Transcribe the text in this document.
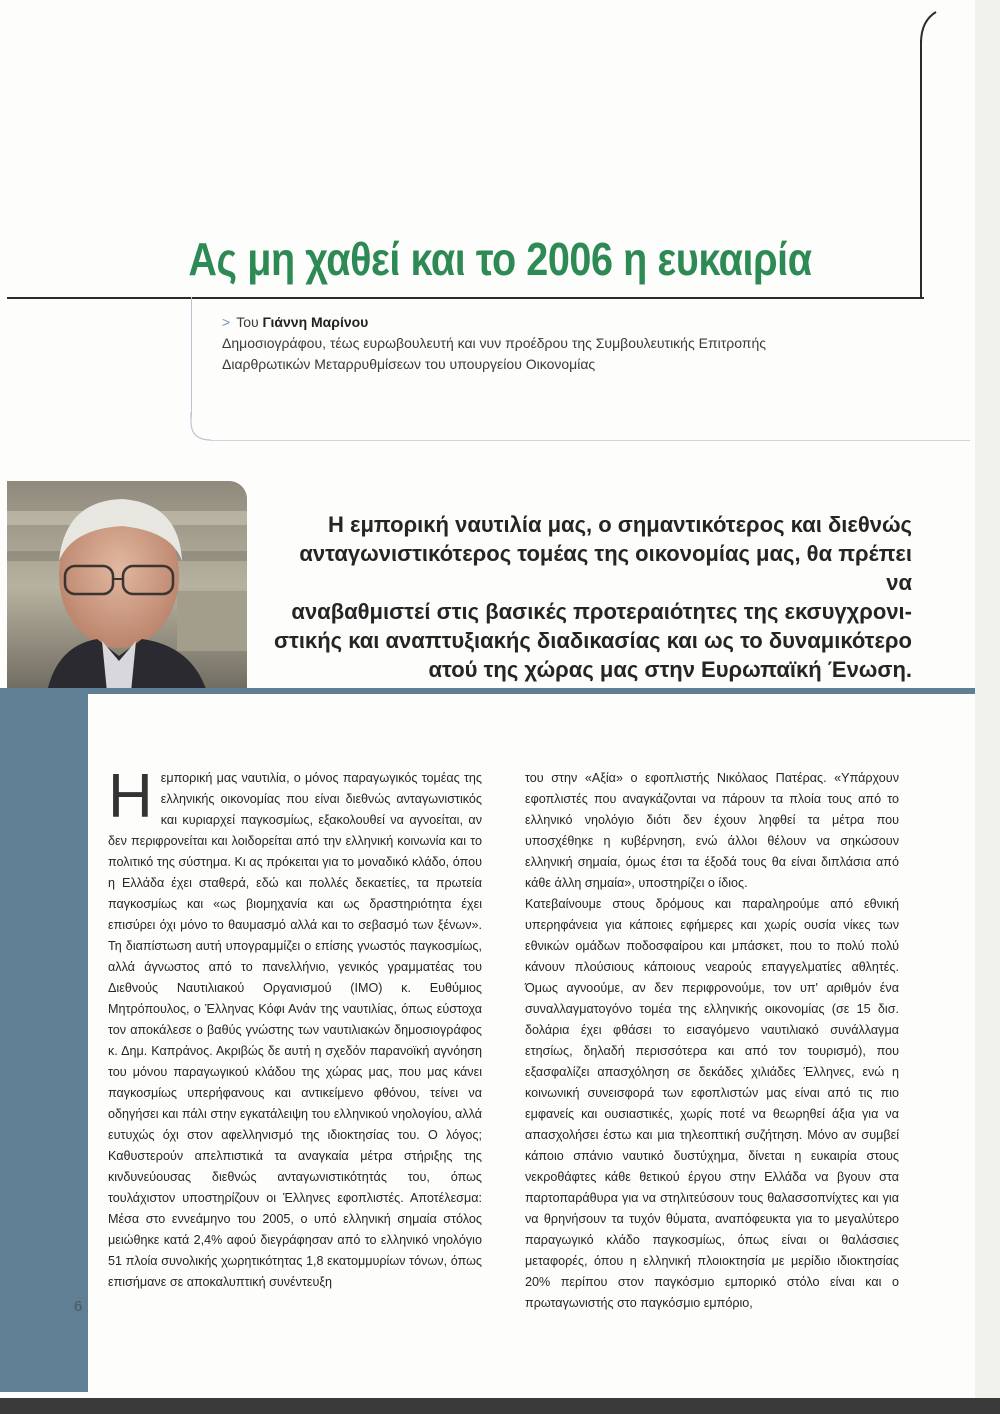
Ας μη χαθεί και το 2006 η ευκαιρία
> Του Γιάννη Μαρίνου
Δημοσιογράφου, τέως ευρωβουλευτή και νυν προέδρου της Συμβουλευτικής Επιτροπής
Διαρθρωτικών Μεταρρυθμίσεων του υπουργείου Οικονομίας
Η εμπορική ναυτιλία μας, ο σημαντικότερος και διεθνώς
ανταγωνιστικότερος τομέας της οικονομίας μας, θα πρέπει να
αναβαθμιστεί στις βασικές προτεραιότητες της εκσυγχρονι-
στικής και αναπτυξιακής διαδικασίας και ως το δυναμικότερο
ατού της χώρας μας στην Ευρωπαϊκή Ένωση.

Ηεμπορική μας ναυτιλία, ο μόνος παραγωγικός τομέας της ελληνικής οικονομίας που είναι διεθνώς ανταγωνιστικός και κυριαρχεί παγκοσμίως, εξακολουθεί να αγνοείται, αν δεν περιφρονείται και λοιδορείται από την ελληνική κοινωνία και το πολιτικό της σύστημα. Κι ας πρόκειται για το μοναδικό κλάδο, όπου η Ελλάδα έχει σταθερά, εδώ και πολλές δεκαετίες, τα πρωτεία παγκοσμίως και «ως βιομηχανία και ως δραστηριότητα έχει επισύρει όχι μόνο το θαυμασμό αλλά και το σεβασμό των ξένων». Τη διαπίστωση αυτή υπογραμμίζει ο επίσης γνωστός παγκοσμίως, αλλά άγνωστος από το πανελλήνιο, γενικός γραμματέας του Διεθνούς Ναυτιλιακού Οργανισμού (ΙΜΟ) κ. Ευθύμιος Μητρόπουλος, ο Έλληνας Κόφι Ανάν της ναυτιλίας, όπως εύστοχα τον αποκάλεσε ο βαθύς γνώστης των ναυτιλιακών δημοσιογράφος κ. Δημ. Καπράνος. Ακριβώς δε αυτή η σχεδόν παρανοϊκή αγνόηση του μόνου παραγωγικού κλάδου της χώρας μας, που μας κάνει παγκοσμίως υπερήφανους και αντικείμενο φθόνου, τείνει να οδηγήσει και πάλι στην εγκατάλειψη του ελληνικού νηολογίου, αλλά ευτυχώς όχι στον αφελληνισμό της ιδιοκτησίας του. Ο λόγος; Καθυστερούν απελπιστικά τα αναγκαία μέτρα στήριξης της κινδυνεύουσας διεθνώς ανταγωνιστικότητάς του, όπως τουλάχιστον υποστηρίζουν οι Έλληνες εφοπλιστές. Αποτέλεσμα: Μέσα στο εννεάμηνο του 2005, ο υπό ελληνική σημαία στόλος μειώθηκε κατά 2,4% αφού διεγράφησαν από το ελληνικό νηολόγιο 51 πλοία συνολικής χωρητικότητας 1,8 εκατομμυρίων τόνων, όπως επισήμανε σε αποκαλυπτική συνέντευξη

του στην «Αξία» ο εφοπλιστής Νικόλαος Πατέρας. «Υπάρχουν εφοπλιστές που αναγκάζονται να πάρουν τα πλοία τους από το ελληνικό νηολόγιο διότι δεν έχουν ληφθεί τα μέτρα που υποσχέθηκε η κυβέρνηση, ενώ άλλοι θέλουν να σηκώσουν ελληνική σημαία, όμως έτσι τα έξοδά τους θα είναι διπλάσια από κάθε άλλη σημαία», υποστηρίζει ο ίδιος.

Κατεβαίνουμε στους δρόμους και παραληρούμε από εθνική υπερηφάνεια για κάποιες εφήμερες και χωρίς ουσία νίκες των εθνικών ομάδων ποδοσφαίρου και μπάσκετ, που το πολύ πολύ κάνουν πλούσιους κάποιους νεαρούς επαγγελματίες αθλητές. Όμως αγνοούμε, αν δεν περιφρονούμε, τον υπ' αριθμόν ένα συναλλαγματογόνο τομέα της ελληνικής οικονομίας (σε 15 δισ. δολάρια έχει φθάσει το εισαγόμενο ναυτιλιακό συνάλλαγμα ετησίως, δηλαδή περισσότερα και από τον τουρισμό), που εξασφαλίζει απασχόληση σε δεκάδες χιλιάδες Έλληνες, ενώ η κοινωνική συνεισφορά των εφοπλιστών μας είναι από τις πιο εμφανείς και ουσιαστικές, χωρίς ποτέ να θεωρηθεί άξια για να απασχολήσει έστω και μια τηλεοπτική συζήτηση. Μόνο αν συμβεί κάποιο σπάνιο ναυτικό δυστύχημα, δίνεται η ευκαιρία στους νεκροθάφτες κάθε θετικού έργου στην Ελλάδα να βγουν στα παρτοπαράθυρα για να στηλιτεύσουν τους θαλασσοπνίχτες και για να θρηνήσουν τα τυχόν θύματα, αναπόφευκτα για το μεγαλύτερο παραγωγικό κλάδο παγκοσμίως, όπως είναι οι θαλάσσιες μεταφορές, όπου η ελληνική πλοιοκτησία με μερίδιο ιδιοκτησίας 20% περίπου στον παγκόσμιο εμπορικό στόλο είναι και ο πρωταγωνιστής στο παγκόσμιο εμπόριο,

6
